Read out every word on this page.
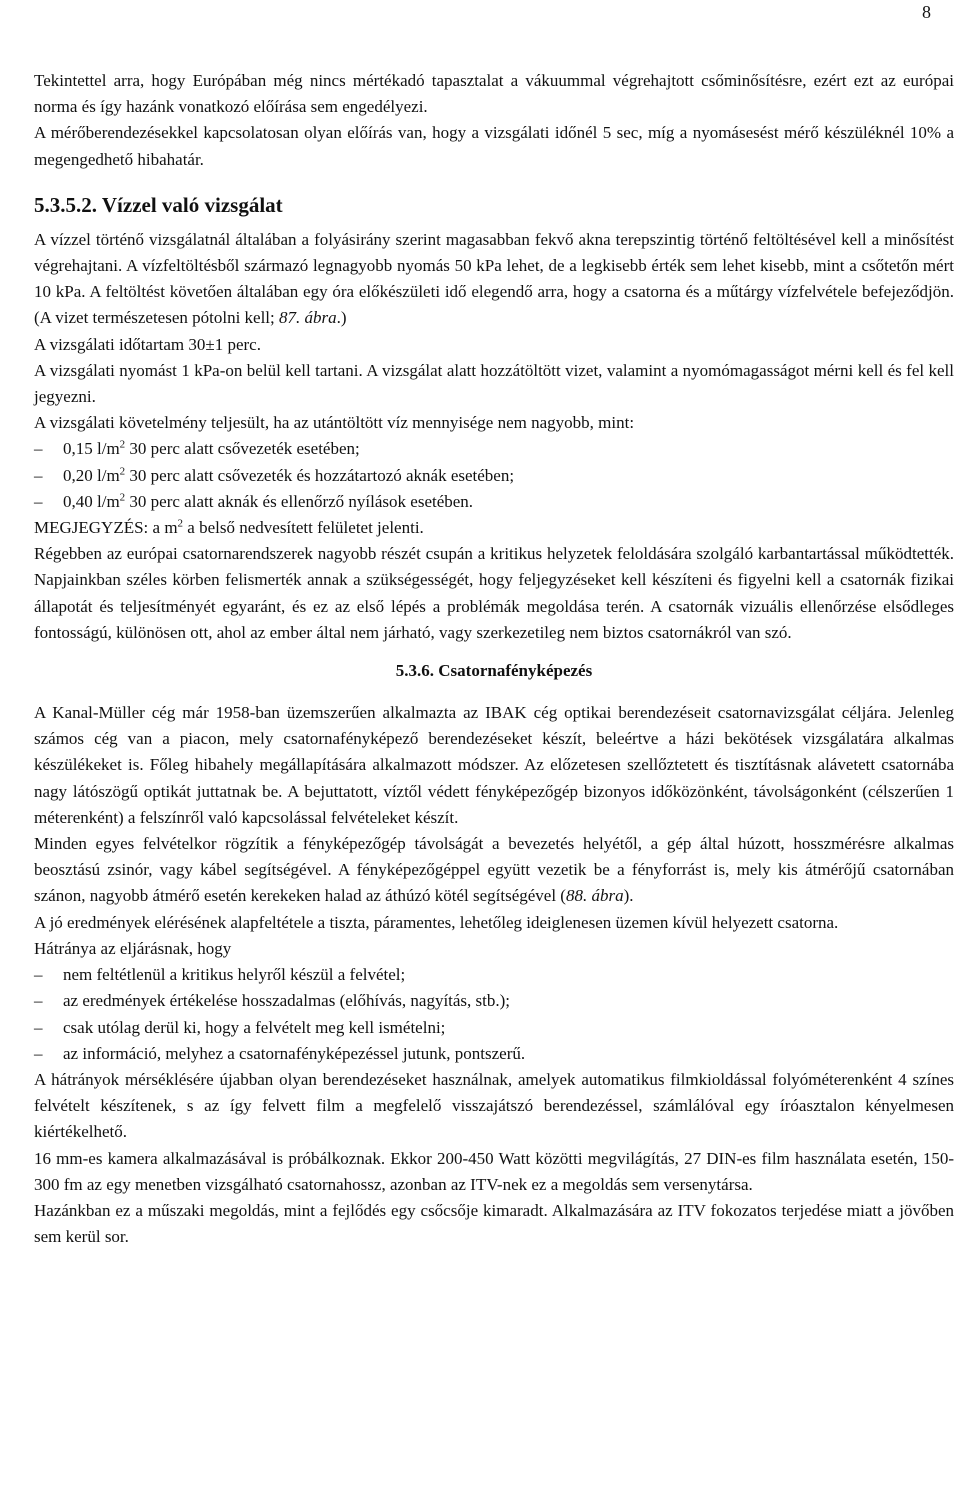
8

Tekintettel arra, hogy Európában még nincs mértékadó tapasztalat a vákuummal végrehajtott csőminősítésre, ezért ezt az európai norma és így hazánk vonatkozó előírása sem engedélyezi.

A mérőberendezésekkel kapcsolatosan olyan előírás van, hogy a vizsgálati időnél 5 sec, míg a nyomásesést mérő készüléknél 10% a megengedhető hibahatár.

5.3.5.2. Vízzel való vizsgálat

A vízzel történő vizsgálatnál általában a folyásirány szerint magasabban fekvő akna terepszintig történő feltöltésével kell a minősítést végrehajtani. A vízfeltöltésből származó legnagyobb nyomás 50 kPa lehet, de a legkisebb érték sem lehet kisebb, mint a csőtetőn mért 10 kPa. A feltöltést követően általában egy óra előkészületi idő elegendő arra, hogy a csatorna és a műtárgy vízfelvétele befejeződjön. (A vizet természetesen pótolni kell; 87. ábra.)

A vizsgálati időtartam 30±1 perc.

A vizsgálati nyomást 1 kPa-on belül kell tartani. A vizsgálat alatt hozzátöltött vizet, valamint a nyomómagasságot mérni kell és fel kell jegyezni.

A vizsgálati követelmény teljesült, ha az utántöltött víz mennyisége nem nagyobb, mint:

–	0,15 $l/m^2$ 30 perc alatt csővezeték esetében;
–	0,20 $l/m^2$ 30 perc alatt csővezeték és hozzátartozó aknák esetében;
–	0,40 $l/m^2$ 30 perc alatt aknák és ellenőrző nyílások esetében.

MEGJEGYZÉS: a $m^2$ a belső nedvesített felületet jelenti.

Régebben az európai csatornarendszerek nagyobb részét csupán a kritikus helyzetek feloldására szolgáló karbantartással működtették. Napjainkban széles körben felismerték annak a szükségességét, hogy feljegyzéseket kell készíteni és figyelni kell a csatornák fizikai állapotát és teljesítményét egyaránt, és ez az első lépés a problémák megoldása terén. A csatornák vizuális ellenőrzése elsődleges fontosságú, különösen ott, ahol az ember által nem járható, vagy szerkezetileg nem biztos csatornákról van szó.

5.3.6. Csatornafényképezés

A Kanal-Müller cég már 1958-ban üzemszerűen alkalmazta az IBAK cég optikai berendezéseit csatornavizsgálat céljára. Jelenleg számos cég van a piacon, mely csatornafényképező berendezéseket készít, beleértve a házi bekötések vizsgálatára alkalmas készülékeket is. Főleg hibahely megállapítására alkalmazott módszer. Az előzetesen szellőztetett és tisztításnak alávetett csatornába nagy látószögű optikát juttatnak be. A bejuttatott, víztől védett fényképezőgép bizonyos időközönként, távolságonként (célszerűen 1 méterenként) a felszínről való kapcsolással felvételeket készít.

Minden egyes felvételkor rögzítik a fényképezőgép távolságát a bevezetés helyétől, a gép által húzott, hosszmérésre alkalmas beosztású zsinór, vagy kábel segítségével. A fényképezőgéppel együtt vezetik be a fényforrást is, mely kis átmérőjű csatornában szánon, nagyobb átmérő esetén kerekeken halad az áthúzó kötél segítségével (88. ábra).

A jó eredmények elérésének alapfeltétele a tiszta, páramentes, lehetőleg ideiglenesen üzemen kívül helyezett csatorna.

Hátránya az eljárásnak, hogy

–	nem feltétlenül a kritikus helyről készül a felvétel;
–	az eredmények értékelése hosszadalmas (előhívás, nagyítás, stb.);
–	csak utólag derül ki, hogy a felvételt meg kell ismételni;
–	az információ, melyhez a csatornafényképezéssel jutunk, pontszerű.

A hátrányok mérséklésére újabban olyan berendezéseket használnak, amelyek automatikus filmkioldással folyóméterenként 4 színes felvételt készítenek, s az így felvett film a megfelelő visszajátszó berendezéssel, számlálóval egy íróasztalon kényelmesen kiértékelhető.

16 mm-es kamera alkalmazásával is próbálkoznak. Ekkor 200-450 Watt közötti megvilágítás, 27 DIN-es film használata esetén, 150-300 fm az egy menetben vizsgálható csatornahossz, azonban az ITV-nek ez a megoldás sem versenytársa.

Hazánkban ez a műszaki megoldás, mint a fejlődés egy csőcsője kimaradt. Alkalmazására az ITV fokozatos terjedése miatt a jövőben sem kerül sor.
